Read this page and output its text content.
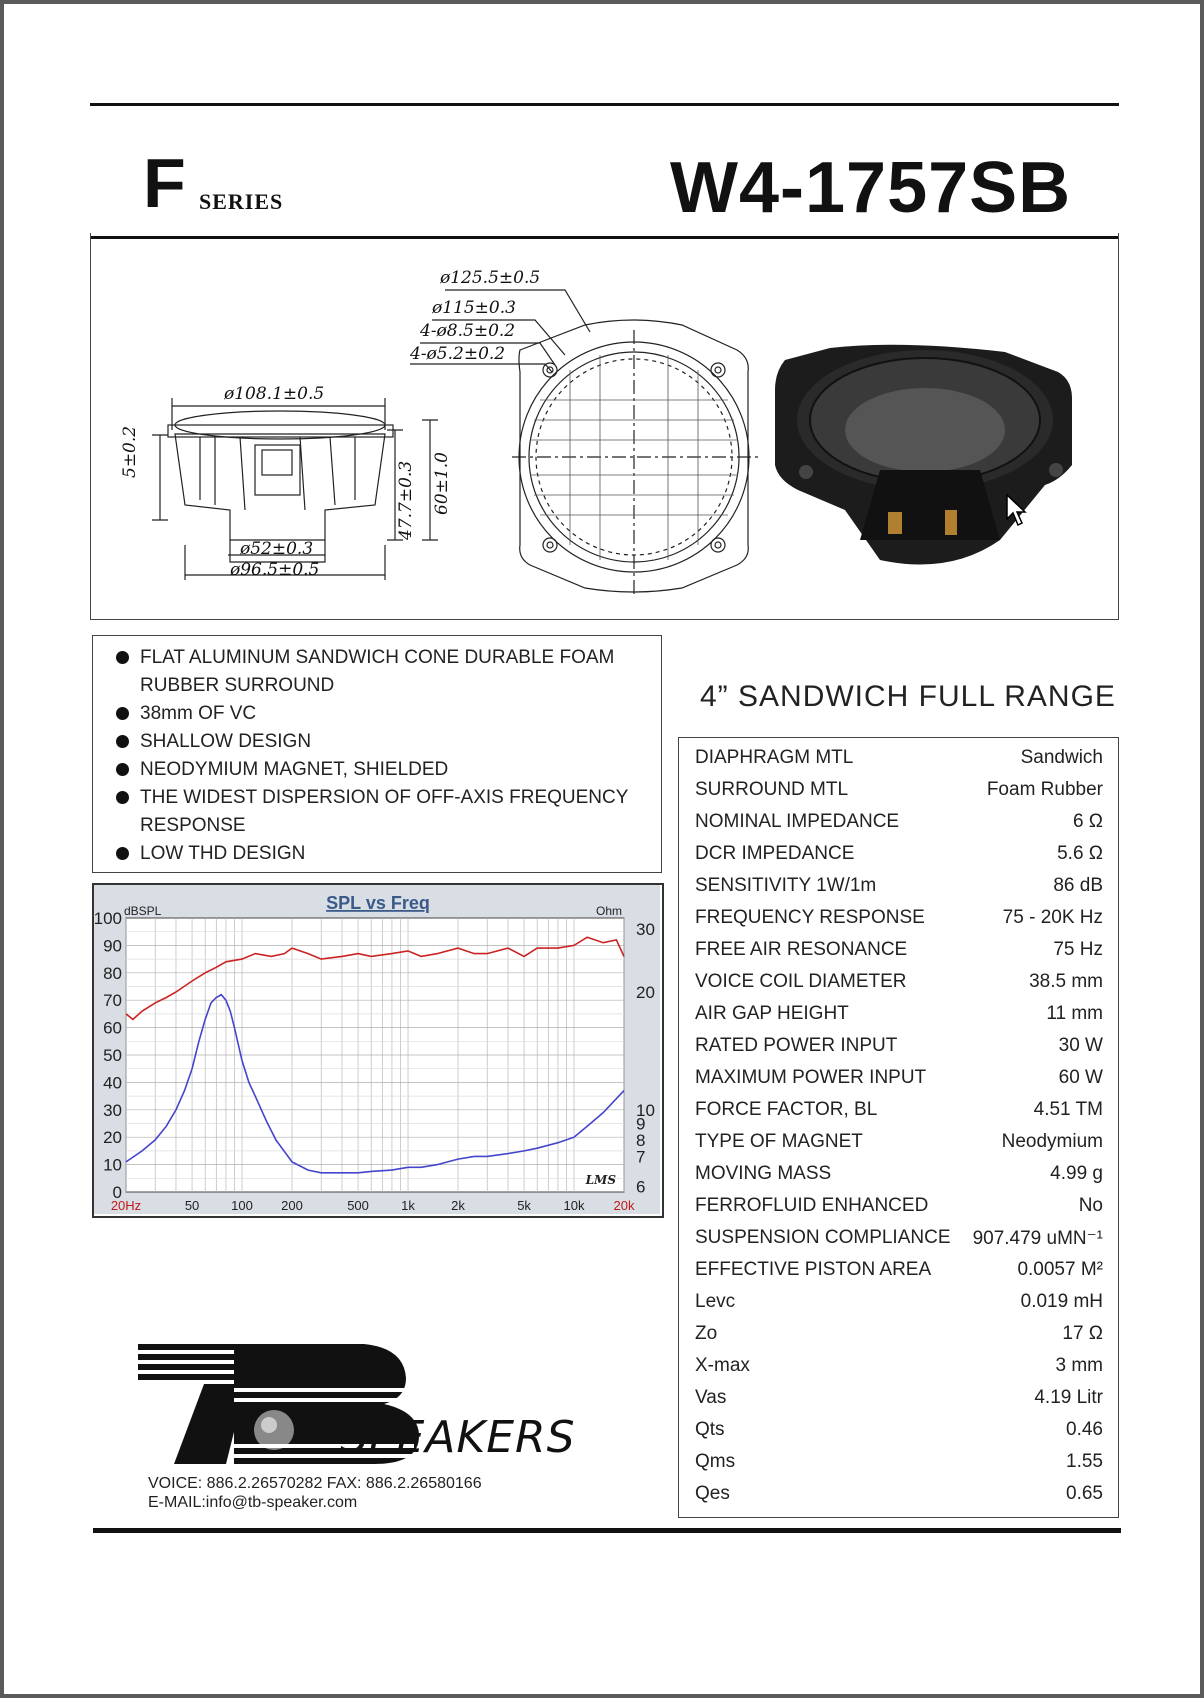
F SERIES	W4-1757SB
ø125.5±0.5
ø115±0.3
4-ø8.5±0.2
4-ø5.2±0.2
ø108.1±0.5
5±0.2
47.7±0.3 60±1.0
ø52±0.3
ø96.5±0.5
FLAT ALUMINUM SANDWICH CONE DURABLE FOAM RUBBER SURROUND
38mm OF VC
SHALLOW DESIGN
NEODYMIUM MAGNET, SHIELDED
THE WIDEST DISPERSION OF OFF-AXIS FREQUENCY RESPONSE
LOW THD DESIGN
4” SANDWICH FULL RANGE
DIAPHRAGM MTL	Sandwich
SURROUND MTL	Foam Rubber
NOMINAL IMPEDANCE	6 Ω
DCR IMPEDANCE	5.6 Ω
SENSITIVITY 1W/1m	86 dB
FREQUENCY RESPONSE	75 - 20K Hz
FREE AIR RESONANCE	75 Hz
VOICE COIL DIAMETER	38.5 mm
AIR GAP HEIGHT	11 mm
RATED POWER INPUT	30 W
MAXIMUM POWER INPUT	60 W
FORCE FACTOR, BL	4.51 TM
TYPE OF MAGNET	Neodymium
MOVING MASS	4.99 g
FERROFLUID ENHANCED	No
SUSPENSION COMPLIANCE 907.479 uMN⁻¹
EFFECTIVE PISTON AREA	0.0057 M²
Levc	0.019 mH
Zo	17 Ω
X-max	3 mm
Vas	4.19 Litr
Qts	0.46
Qms	1.55
Qes	0.65
0
10
20
30
40
50
60
70
80
90
100
30
20
10
9
8
7
6
20Hz	50 100 200	500 1k	2k	5k	10k 20k
SPL vs Freq
dBSPL	Ohm
LMS
SPEAKERS
VOICE: 886.2.26570282 FAX: 886.2.26580166
E-MAIL:info@tb-speaker.com
